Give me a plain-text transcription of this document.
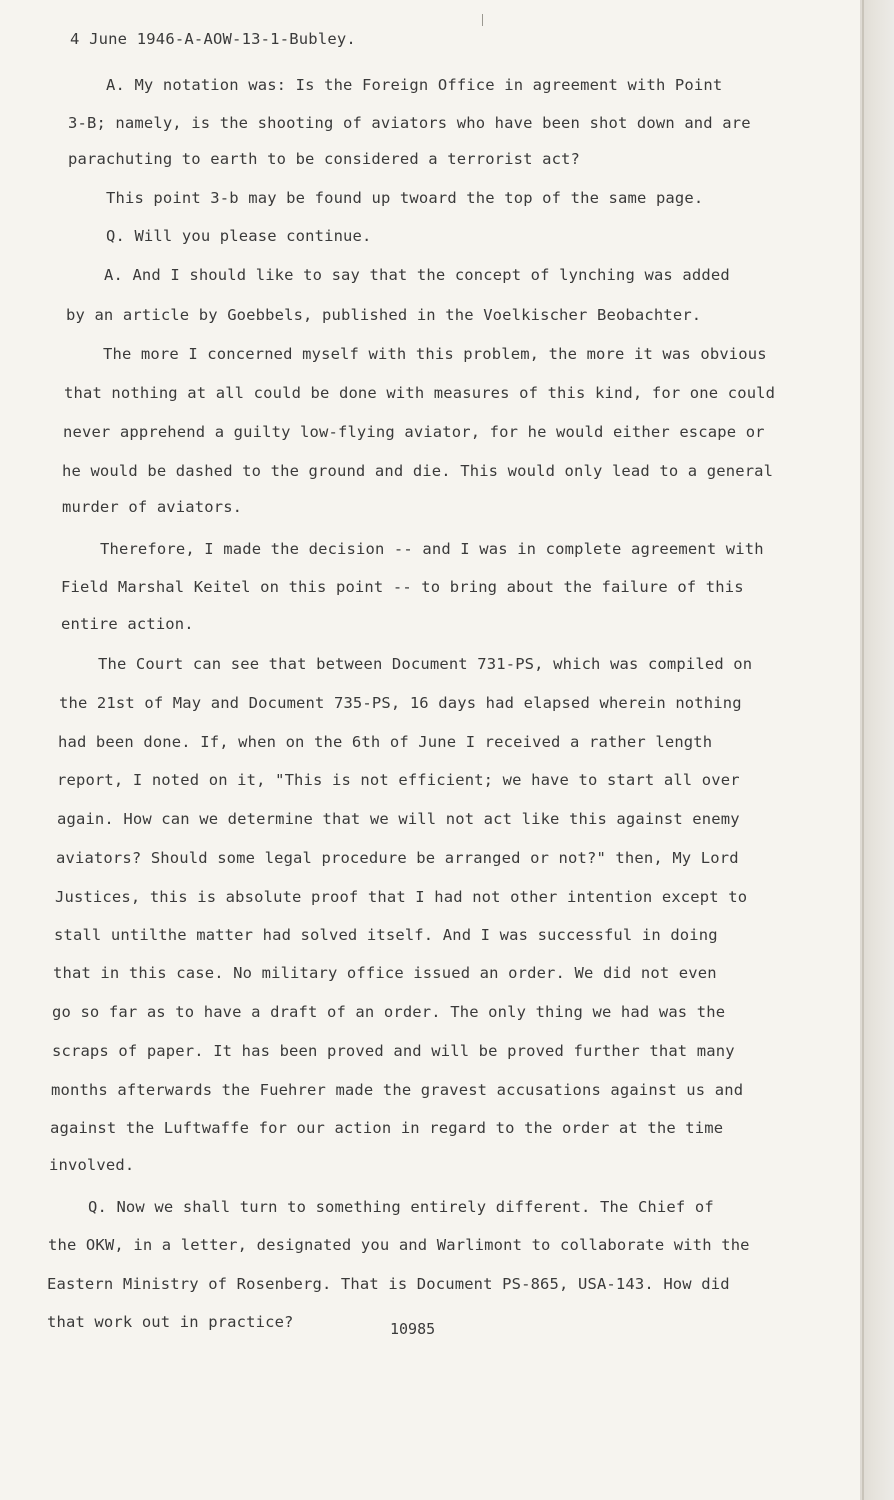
4 June 1946-A-AOW-13-1-Bubley.
A. My notation was: Is the Foreign Office in agreement with Point
3-B; namely, is the shooting of aviators who have been shot down and are
parachuting to earth to be considered a terrorist act?
This point 3-b may be found up twoard the top of the same page.
Q. Will you please continue.
A. And I should like to say that the concept of lynching was added
by an article by Goebbels, published in the Voelkischer Beobachter.
The more I concerned myself with this problem, the more it was obvious
that nothing at all could be done with measures of this kind, for one could
never apprehend a guilty low-flying aviator, for he would either escape or
he would be dashed to the ground and die. This would only lead to a general
murder of aviators.
Therefore, I made the decision -- and I was in complete agreement with
Field Marshal Keitel on this point -- to bring about the failure of this
entire action.
The Court can see that between Document 731-PS, which was compiled on
the 21st of May and Document 735-PS, 16 days had elapsed wherein nothing
had been done. If, when on the 6th of June I received a rather length
report, I noted on it, "This is not efficient; we have to start all over
again. How can we determine that we will not act like this against enemy
aviators? Should some legal procedure be arranged or not?" then, My Lord
Justices, this is absolute proof that I had not other intention except to
stall untilthe matter had solved itself. And I was successful in doing
that in this case. No military office issued an order. We did not even
go so far as to have a draft of an order. The only thing we had was the
scraps of paper. It has been proved and will be proved further that many
months afterwards the Fuehrer made the gravest accusations against us and
against the Luftwaffe for our action in regard to the order at the time
involved.
Q. Now we shall turn to something entirely different. The Chief of
the OKW, in a letter, designated you and Warlimont to collaborate with the
Eastern Ministry of Rosenberg. That is Document PS-865, USA-143. How did
that work out in practice?	10985
